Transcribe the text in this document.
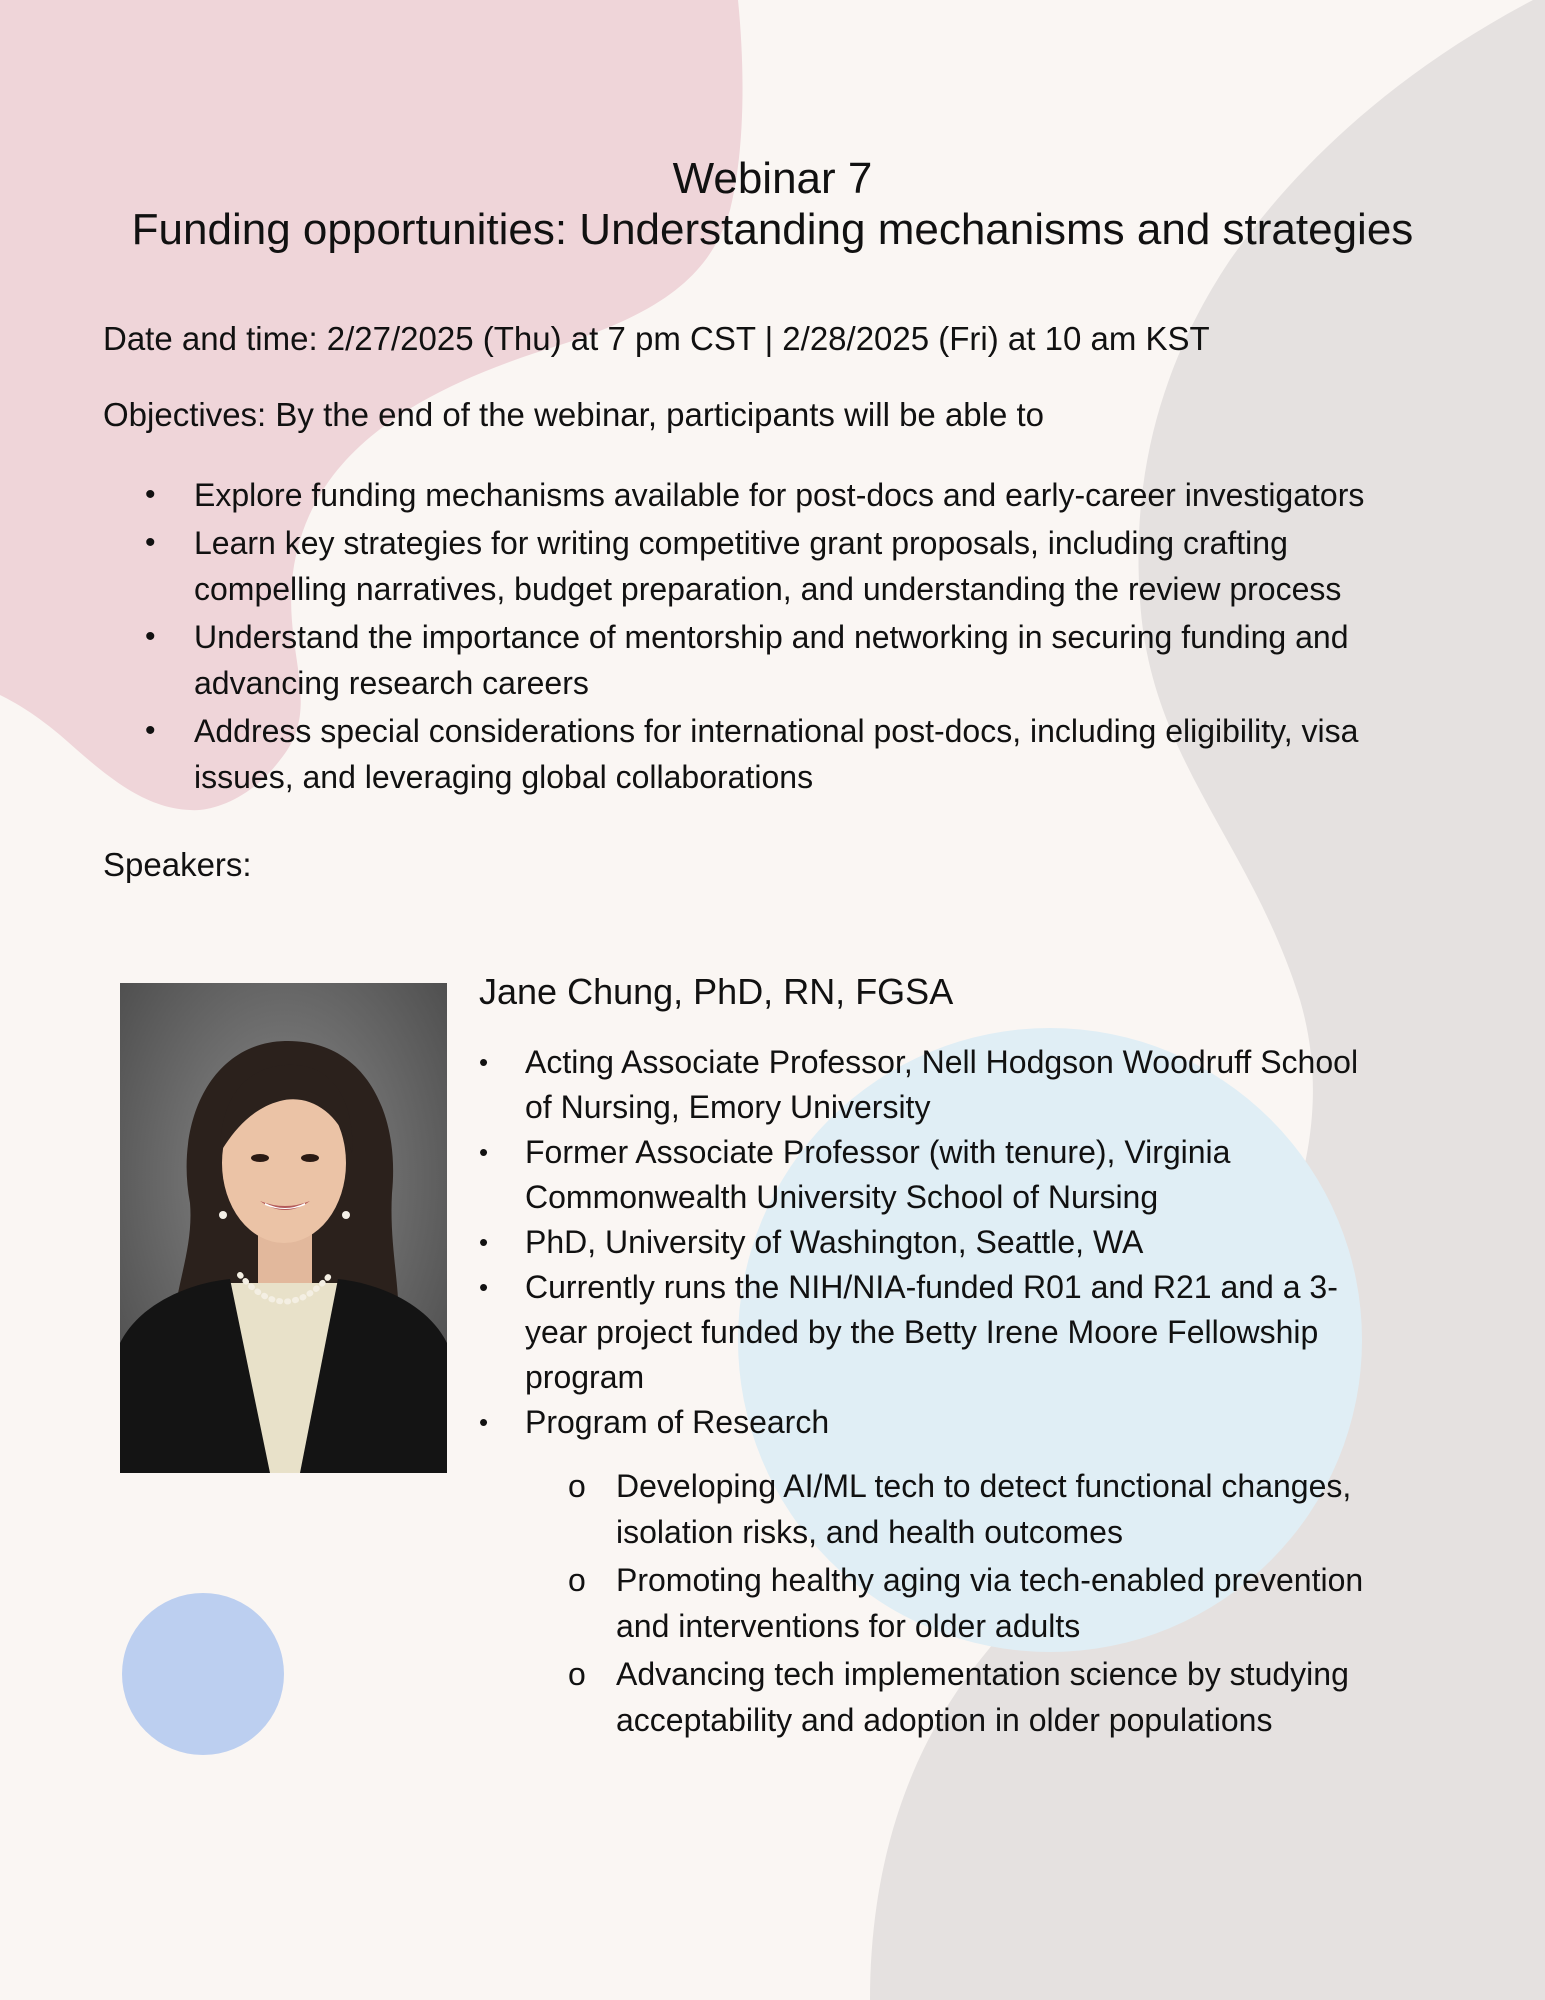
Webinar 7
Funding opportunities: Understanding mechanisms and strategies
Date and time: 2/27/2025 (Thu) at 7 pm CST | 2/28/2025 (Fri) at 10 am KST
Objectives: By the end of the webinar, participants will be able to
• Explore funding mechanisms available for post-docs and early-career investigators
• Learn key strategies for writing competitive grant proposals, including crafting compelling narratives, budget preparation, and understanding the review process
• Understand the importance of mentorship and networking in securing funding and advancing research careers
• Address special considerations for international post-docs, including eligibility, visa issues, and leveraging global collaborations
Speakers:
Jane Chung, PhD, RN, FGSA
• Acting Associate Professor, Nell Hodgson Woodruff School of Nursing, Emory University
• Former Associate Professor (with tenure), Virginia Commonwealth University School of Nursing
• PhD, University of Washington, Seattle, WA
• Currently runs the NIH/NIA-funded R01 and R21 and a 3-year project funded by the Betty Irene Moore Fellowship program
• Program of Research
o Developing AI/ML tech to detect functional changes, isolation risks, and health outcomes
o Promoting healthy aging via tech-enabled prevention and interventions for older adults
o Advancing tech implementation science by studying acceptability and adoption in older populations
